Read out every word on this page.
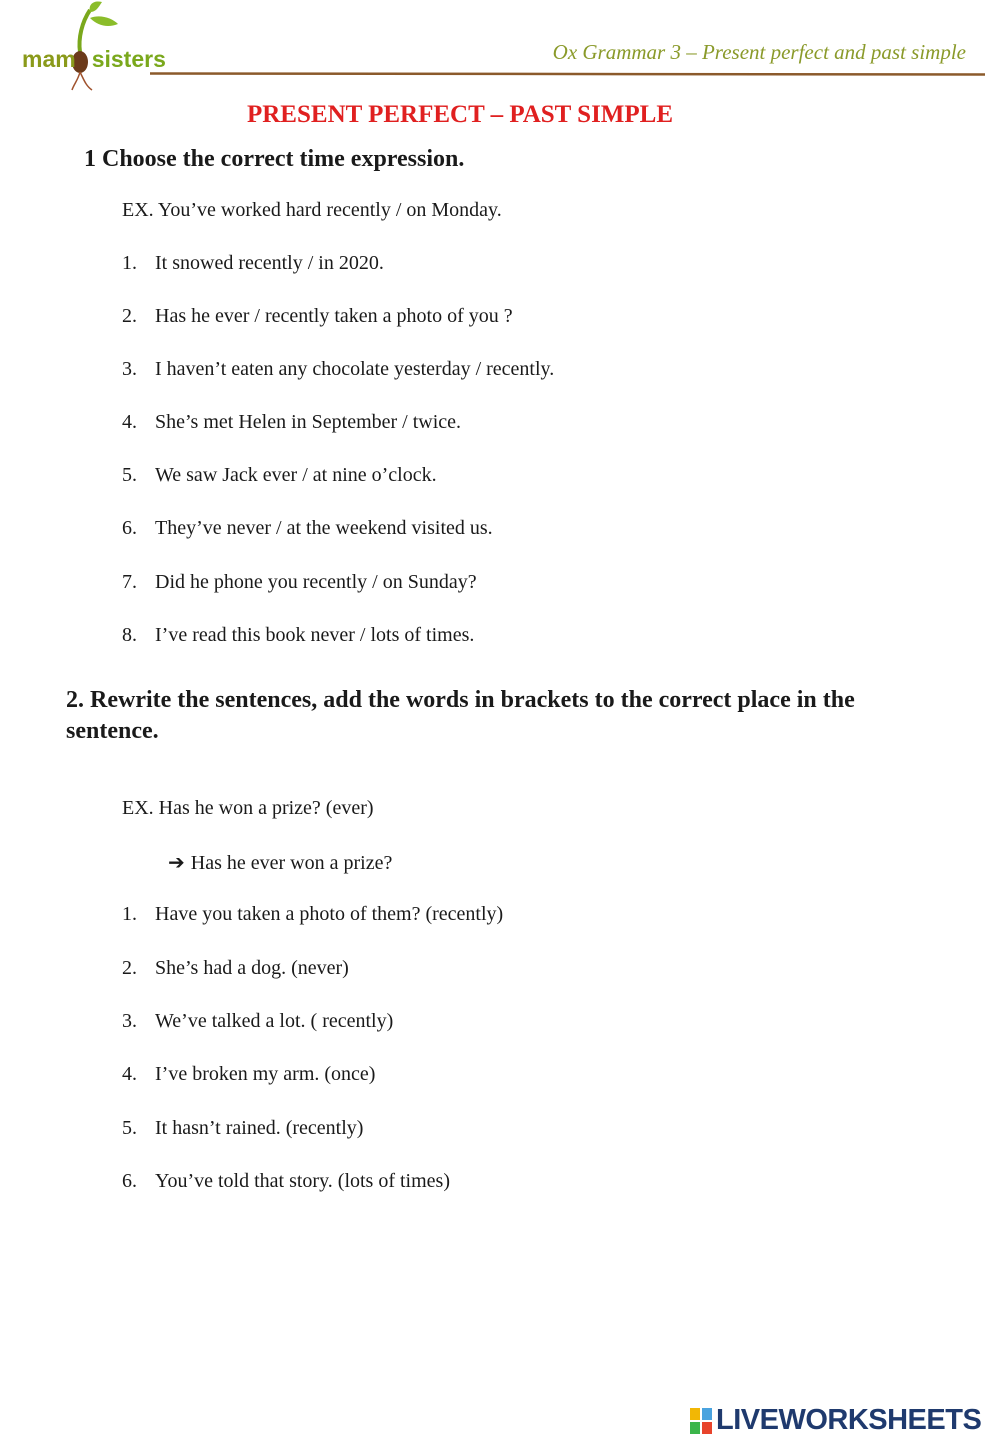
mam sisters	Ox Grammar 3 – Present perfect and past simple
PRESENT PERFECT – PAST SIMPLE
1 Choose the correct time expression.
EX. You’ve worked hard recently / on Monday.
1. It snowed recently / in 2020.
2. Has he ever / recently taken a photo of you ?
3. I haven’t eaten any chocolate yesterday / recently.
4. She’s met Helen in September / twice.
5. We saw Jack ever / at nine o’clock.
6. They’ve never / at the weekend visited us.
7. Did he phone you recently / on Sunday?
8. I’ve read this book never / lots of times.
2. Rewrite the sentences, add the words in brackets to the correct place in the sentence.
EX. Has he won a prize? (ever)
➔ Has he ever won a prize?
1. Have you taken a photo of them? (recently)
2. She’s had a dog. (never)
3. We’ve talked a lot. ( recently)
4. I’ve broken my arm. (once)
5. It hasn’t rained. (recently)
6. You’ve told that story. (lots of times)
LIVEWORKSHEETS
